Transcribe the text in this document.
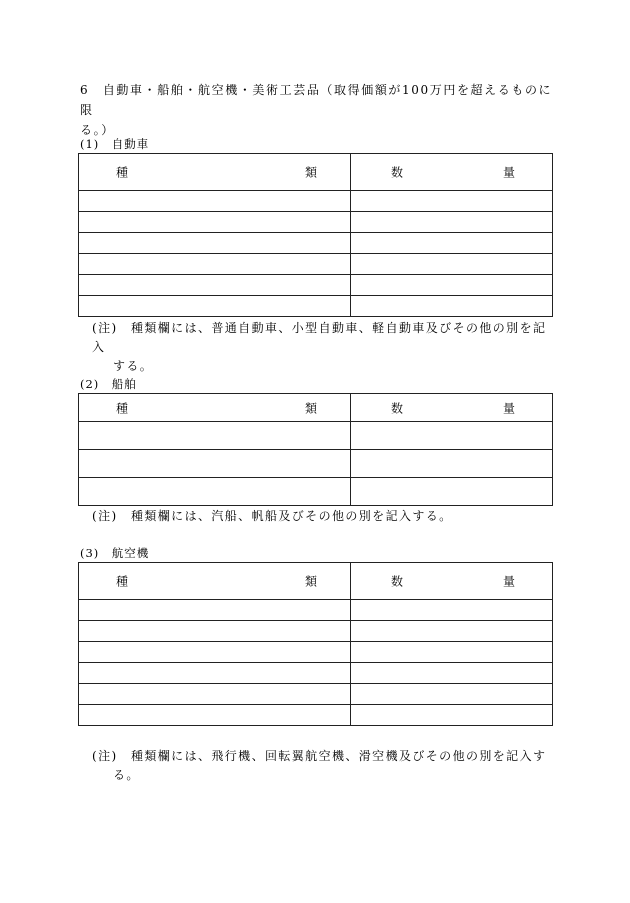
6　自動車・船舶・航空機・美術工芸品（取得価額が100万円を超えるものに限
る。）
(1)　自動車
種 類	数 量

(注)　種類欄には、普通自動車、小型自動車、軽自動車及びその他の別を記入
する。
(2)　船舶
種 類	数 量

(注)　種類欄には、汽船、帆船及びその他の別を記入する。
(3)　航空機
種 類	数 量

(注)　種類欄には、飛行機、回転翼航空機、滑空機及びその他の別を記入す
る。
